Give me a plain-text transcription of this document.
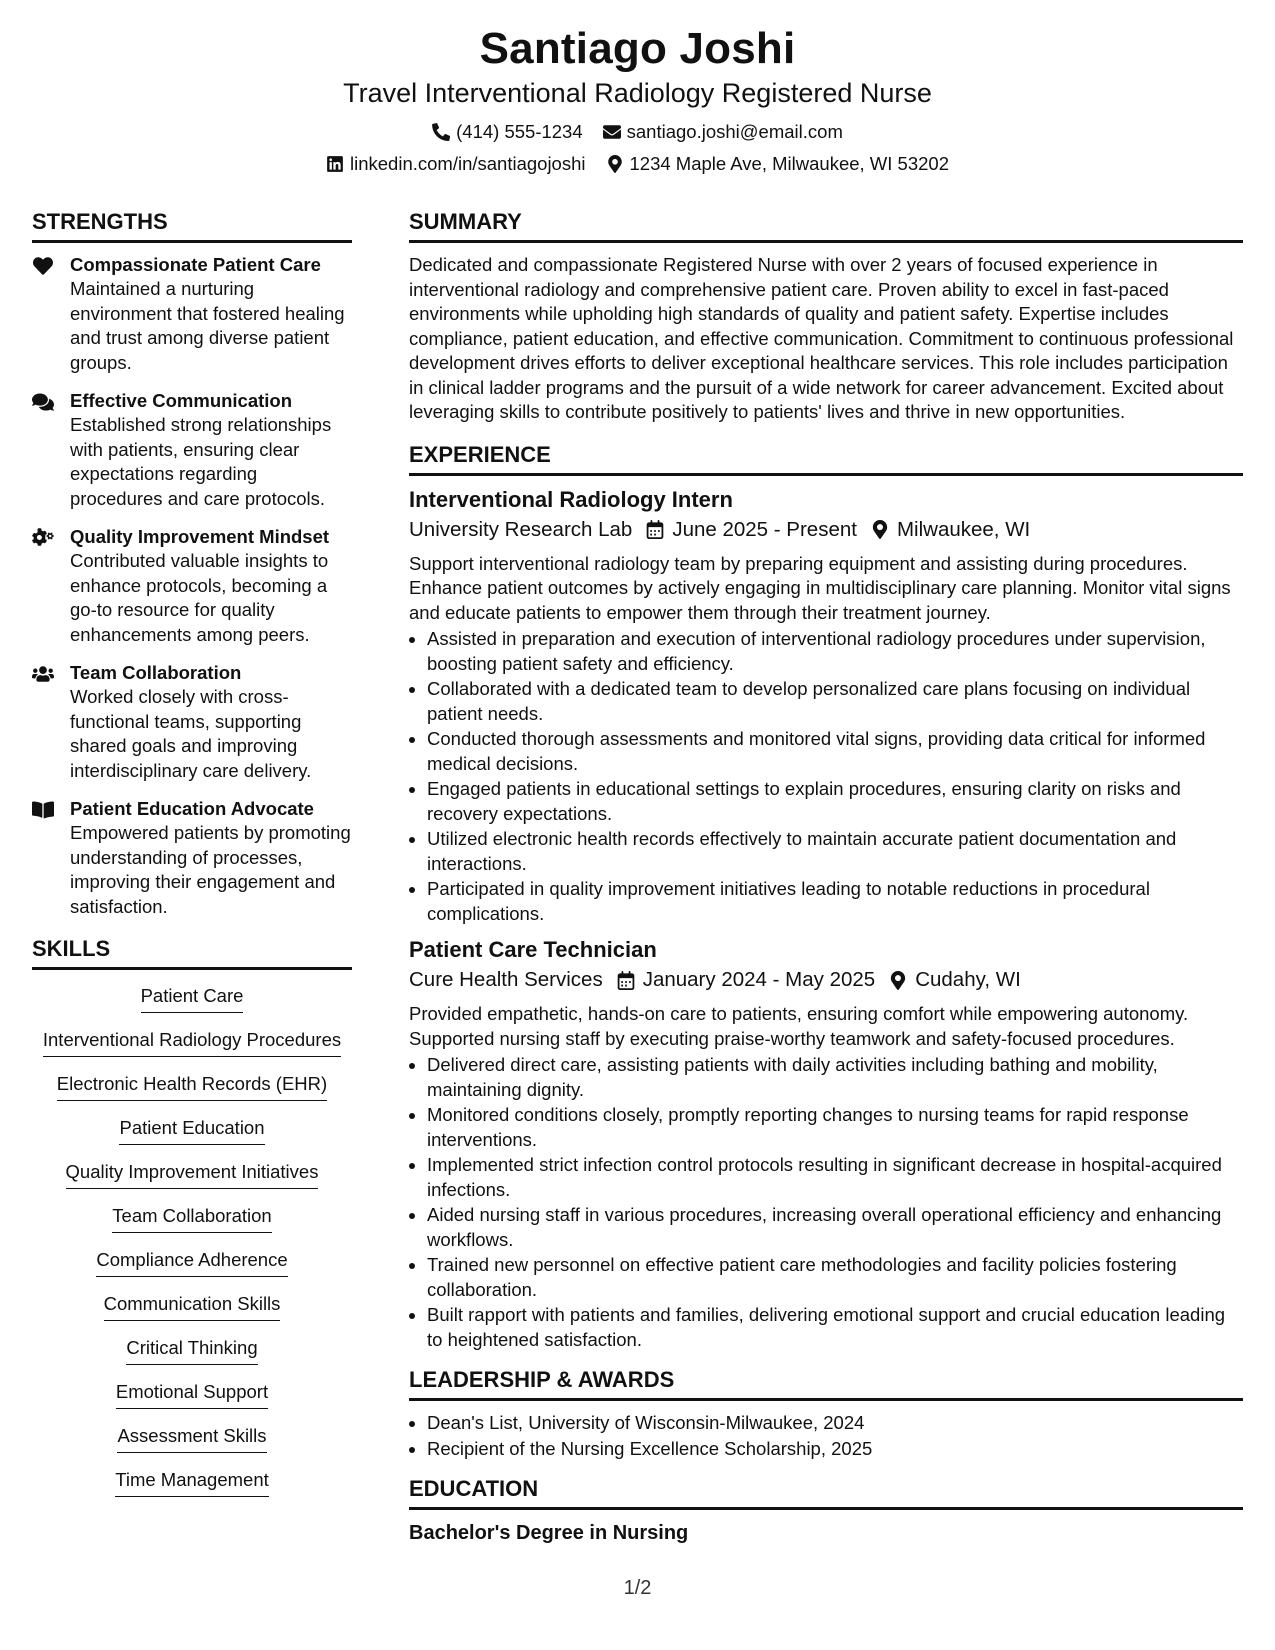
Santiago Joshi
Travel Interventional Radiology Registered Nurse
(414) 555-1234 santiago.joshi@email.com
linkedin.com/in/santiagojoshi 1234 Maple Ave, Milwaukee, WI 53202
STRENGTHS
Compassionate Patient Care
Maintained a nurturing environment that fostered healing and trust among diverse patient groups.
Effective Communication
Established strong relationships with patients, ensuring clear expectations regarding procedures and care protocols.
Quality Improvement Mindset
Contributed valuable insights to enhance protocols, becoming a go-to resource for quality enhancements among peers.
Team Collaboration
Worked closely with cross-functional teams, supporting shared goals and improving interdisciplinary care delivery.
Patient Education Advocate
Empowered patients by promoting understanding of processes, improving their engagement and satisfaction.
SKILLS
Patient Care
Interventional Radiology Procedures
Electronic Health Records (EHR)
Patient Education
Quality Improvement Initiatives
Team Collaboration
Compliance Adherence
Communication Skills
Critical Thinking
Emotional Support
Assessment Skills
Time Management
SUMMARY

Dedicated and compassionate Registered Nurse with over 2 years of focused experience in interventional radiology and comprehensive patient care. Proven ability to excel in fast-paced environments while upholding high standards of quality and patient safety. Expertise includes compliance, patient education, and effective communication. Commitment to continuous professional development drives efforts to deliver exceptional healthcare services. This role includes participation in clinical ladder programs and the pursuit of a wide network for career advancement. Excited about leveraging skills to contribute positively to patients' lives and thrive in new opportunities.

EXPERIENCE
Interventional Radiology Intern
University Research Lab June 2025 - Present Milwaukee, WI
Support interventional radiology team by preparing equipment and assisting during procedures. Enhance patient outcomes by actively engaging in multidisciplinary care planning. Monitor vital signs and educate patients to empower them through their treatment journey.
• Assisted in preparation and execution of interventional radiology procedures under supervision, boosting patient safety and efficiency.
• Collaborated with a dedicated team to develop personalized care plans focusing on individual patient needs.
• Conducted thorough assessments and monitored vital signs, providing data critical for informed medical decisions.
• Engaged patients in educational settings to explain procedures, ensuring clarity on risks and recovery expectations.
• Utilized electronic health records effectively to maintain accurate patient documentation and interactions.
• Participated in quality improvement initiatives leading to notable reductions in procedural complications.
Patient Care Technician
Cure Health Services January 2024 - May 2025 Cudahy, WI
Provided empathetic, hands-on care to patients, ensuring comfort while empowering autonomy. Supported nursing staff by executing praise-worthy teamwork and safety-focused procedures.
• Delivered direct care, assisting patients with daily activities including bathing and mobility, maintaining dignity.
• Monitored conditions closely, promptly reporting changes to nursing teams for rapid response interventions.
• Implemented strict infection control protocols resulting in significant decrease in hospital-acquired infections.
• Aided nursing staff in various procedures, increasing overall operational efficiency and enhancing workflows.
• Trained new personnel on effective patient care methodologies and facility policies fostering collaboration.
• Built rapport with patients and families, delivering emotional support and crucial education leading to heightened satisfaction.
LEADERSHIP & AWARDS
• Dean's List, University of Wisconsin-Milwaukee, 2024
• Recipient of the Nursing Excellence Scholarship, 2025
EDUCATION
Bachelor's Degree in Nursing
1/2
